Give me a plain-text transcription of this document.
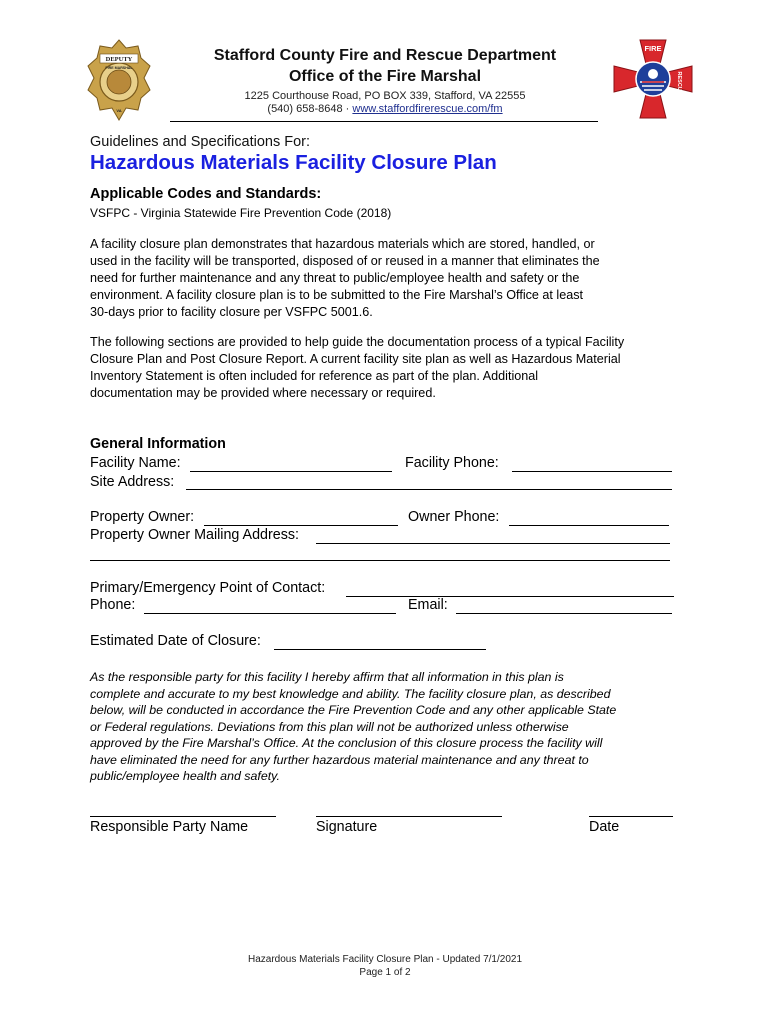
DEPUTY
FIRE MARSHAL
VA
Stafford County Fire and Rescue Department
Office of the Fire Marshal
1225 Courthouse Road, PO BOX 339, Stafford, VA 22555
(540) 658-8648 · www.staffordfirerescue.com/fm
FIRE
RESCUE
Guidelines and Specifications For:
Hazardous Materials Facility Closure Plan
Applicable Codes and Standards:
VSFPC - Virginia Statewide Fire Prevention Code (2018)
A facility closure plan demonstrates that hazardous materials which are stored, handled, or
used in the facility will be transported, disposed of or reused in a manner that eliminates the
need for further maintenance and any threat to public/employee health and safety or the
environment. A facility closure plan is to be submitted to the Fire Marshal’s Office at least
30-days prior to facility closure per VSFPC 5001.6.
The following sections are provided to help guide the documentation process of a typical Facility
Closure Plan and Post Closure Report. A current facility site plan as well as Hazardous Material
Inventory Statement is often included for reference as part of the plan. Additional
documentation may be provided where necessary or required.
General Information
Facility Name:	Facility Phone:
Site Address:
Property Owner:	Owner Phone:
Property Owner Mailing Address:
Primary/Emergency Point of Contact:
Phone:	Email:
Estimated Date of Closure:
As the responsible party for this facility I hereby affirm that all information in this plan is
complete and accurate to my best knowledge and ability. The facility closure plan, as described
below, will be conducted in accordance the Fire Prevention Code and any other applicable State
or Federal regulations. Deviations from this plan will not be authorized unless otherwise
approved by the Fire Marshal’s Office. At the conclusion of this closure process the facility will
have eliminated the need for any further hazardous material maintenance and any threat to
public/employee health and safety.
Responsible Party Name	Signature	Date
Hazardous Materials Facility Closure Plan - Updated 7/1/2021
Page 1 of 2
